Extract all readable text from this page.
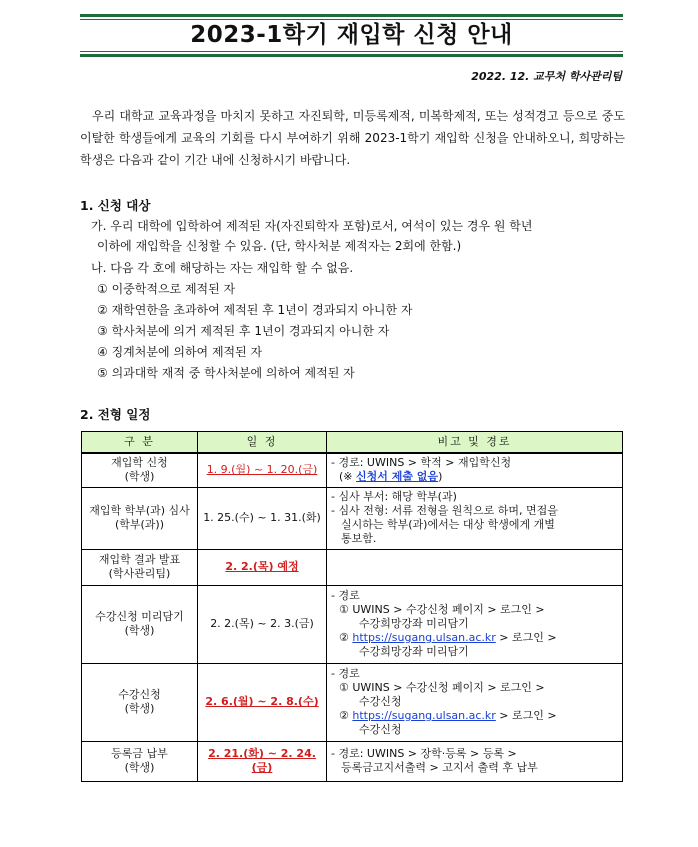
2023-1학기 재입학 신청 안내
2022. 12. 교무처 학사관리팀
우리 대학교 교육과정을 마치지 못하고 자진퇴학, 미등록제적, 미복학제적, 또는 성적경고 등으로 중도 이탈한 학생들에게 교육의 기회를 다시 부여하기 위해 2023-1학기 재입학 신청을 안내하오니, 희망하는 학생은 다음과 같이 기간 내에 신청하시기 바랍니다.
1. 신청 대상
가. 우리 대학에 입학하여 제적된 자(자진퇴학자 포함)로서, 여석이 있는 경우 원 학년
이하에 재입학을 신청할 수 있음. (단, 학사처분 제적자는 2회에 한함.)
나. 다음 각 호에 해당하는 자는 재입학 할 수 없음.
① 이중학적으로 제적된 자
② 재학연한을 초과하여 제적된 후 1년이 경과되지 아니한 자
③ 학사처분에 의거 제적된 후 1년이 경과되지 아니한 자
④ 징계처분에 의하여 제적된 자
⑤ 의과대학 재적 중 학사처분에 의하여 제적된 자
2. 전형 일정
구 분	일 정	비고 및 경로

재입학 신청
(학생)	1. 9.(월) ~ 1. 20.(금)	- 경로: UWINS > 학적 > 재입학신청
(※ 신청서 제출 없음)

재입학 학부(과) 심사
(학부(과))	1. 25.(수) ~ 1. 31.(화)	- 심사 부서: 해당 학부(과)
- 심사 전형: 서류 전형을 원칙으로 하며, 면접을
실시하는 학부(과)에서는 대상 학생에게 개별
통보함.

재입학 결과 발표
(학사관리팀)	2. 2.(목) 예정	

수강신청 미리담기
(학생)	2. 2.(목) ~ 2. 3.(금)	- 경로
① UWINS > 수강신청 페이지 > 로그인 >
수강희망강좌 미리담기
② https://sugang.ulsan.ac.kr > 로그인 >
수강희망강좌 미리담기

수강신청
(학생)	2. 6.(월) ~ 2. 8.(수)	- 경로
① UWINS > 수강신청 페이지 > 로그인 >
수강신청
② https://sugang.ulsan.ac.kr > 로그인 >
수강신청

등록금 납부
(학생)	2. 21.(화) ~ 2. 24.(금)	- 경로: UWINS > 장학·등록 > 등록 >
등록금고지서출력 > 고지서 출력 후 납부
